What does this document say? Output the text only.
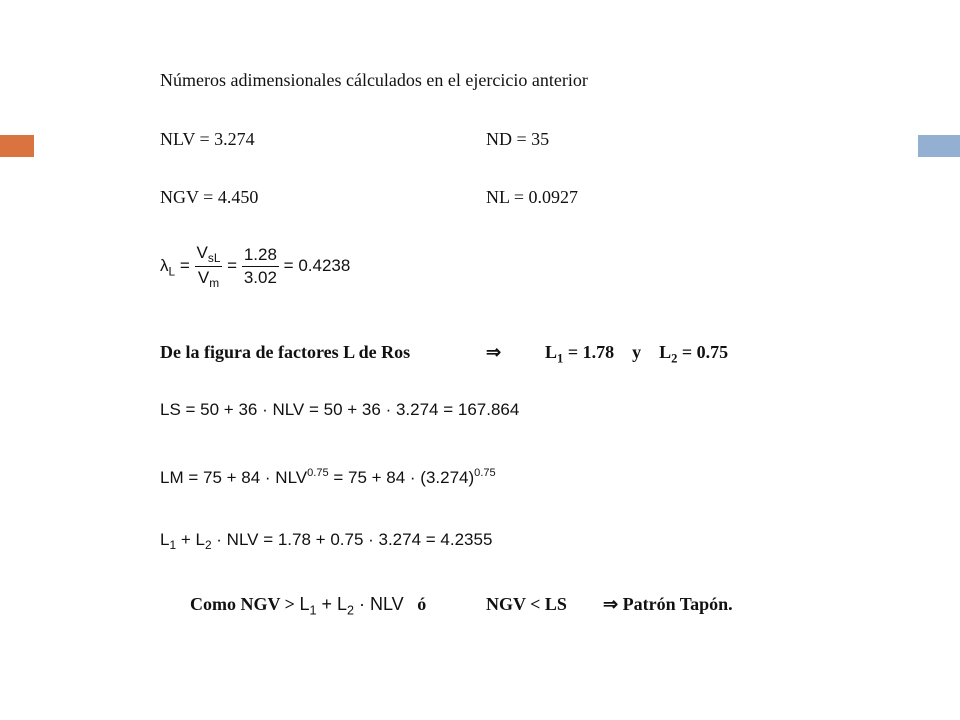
Números adimensionales cálculados en el ejercicio anterior
NLV = 3.274	ND = 35
NGV = 4.450	NL = 0.0927
$\lambda_L = \frac{V_{sL}}{V_m} = \frac{1.28}{3.02} = 0.4238$
De la figura de factores L de Ros	⇒ $L_1 = 1.78$ y $L_2 = 0.75$
LS = 50 + 36 · NLV = 50 + 36 · 3.274 = 167.864
LM = $75 + 84 \cdot NLV^{0.75} = 75 + 84 \cdot (3.274)^{0.75}$
$L_1 + L_2$ · NLV = 1.78 + 0.75 · 3.274 = 4.2355
Como NGV > $L_1 + L_2$ · NLV ó	NGV < LS ⇒ Patrón Tapón.
